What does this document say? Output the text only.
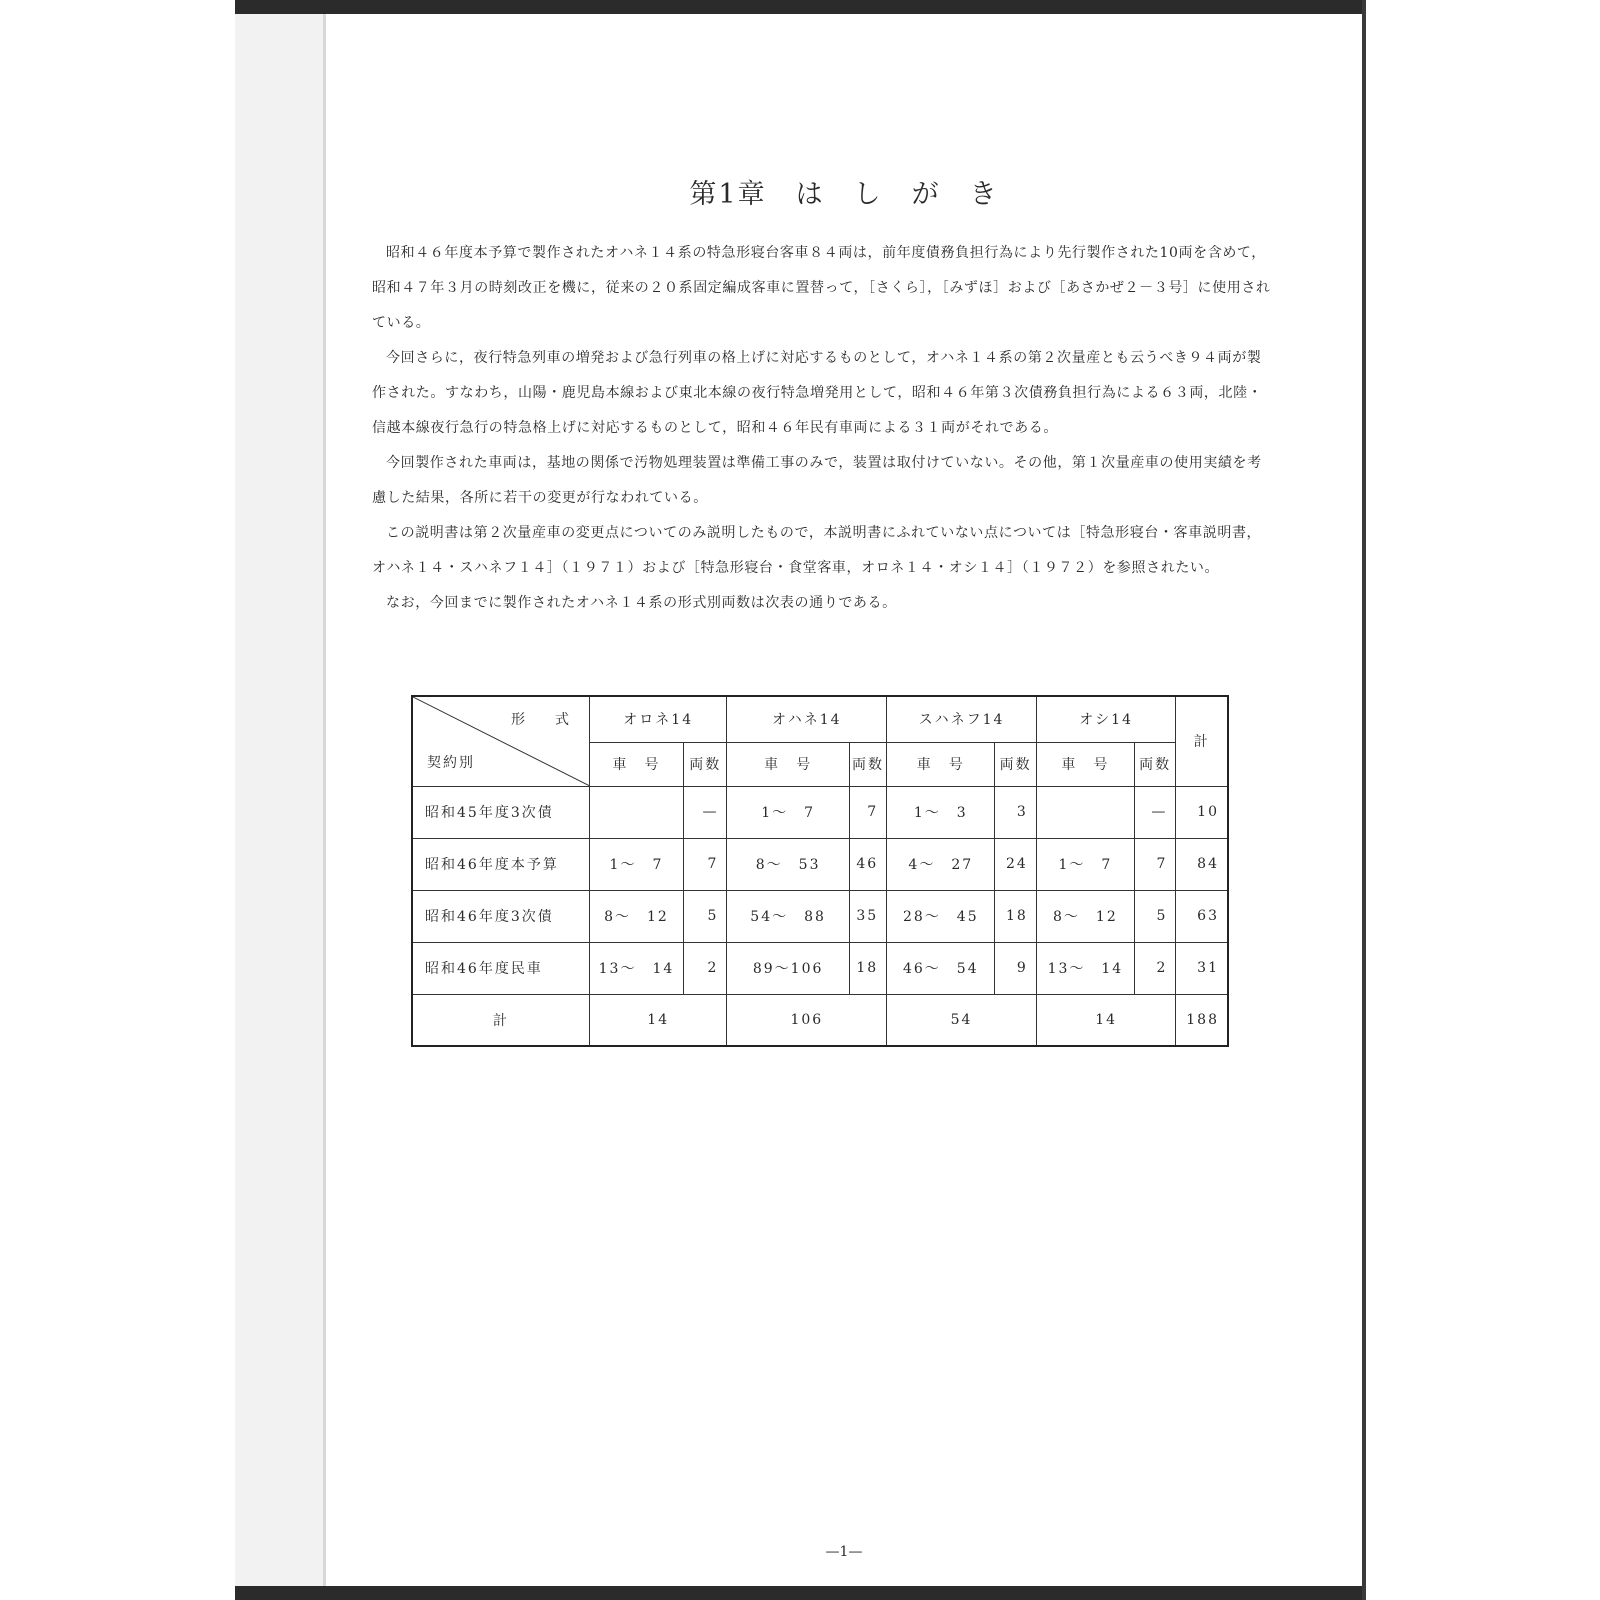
第1章　は　し　が　き

昭和４６年度本予算で製作されたオハネ１４系の特急形寝台客車８４両は，前年度債務負担行為により先行製作された10両を含めて，昭和４７年３月の時刻改正を機に，従来の２０系固定編成客車に置替って，［さくら］，［みずほ］および［あさかぜ２－３号］に使用されている。

今回さらに，夜行特急列車の増発および急行列車の格上げに対応するものとして，オハネ１４系の第２次量産とも云うべき９４両が製作された。すなわち，山陽・鹿児島本線および東北本線の夜行特急増発用として，昭和４６年第３次債務負担行為による６３両，北陸・信越本線夜行急行の特急格上げに対応するものとして，昭和４６年民有車両による３１両がそれである。

今回製作された車両は，基地の関係で汚物処理装置は準備工事のみで，装置は取付けていない。その他，第１次量産車の使用実績を考慮した結果，各所に若干の変更が行なわれている。

この説明書は第２次量産車の変更点についてのみ説明したもので，本説明書にふれていない点については［特急形寝台・客車説明書，オハネ１４・スハネフ１４］（１９７１）および［特急形寝台・食堂客車，オロネ１４・オシ１４］（１９７２）を参照されたい。

なお，今回までに製作されたオハネ１４系の形式別両数は次表の通りである。

形　式
契約別	オロネ14		オハネ14		スハネフ14		オシ14		計
	車　号	両数	車　号	両数	車　号	両数	車　号	両数	
昭和45年度3次債		—	1〜　7	7	1〜　3	3		—	10
昭和46年度本予算	1〜　7	7	8〜　53	46	4〜　27	24	1〜　7	7	84
昭和46年度3次債	8〜　12	5	54〜　88	35	28〜　45	18	8〜　12	5	63
昭和46年度民車	13〜　14	2	89〜106	18	46〜　54	9	13〜　14	2	31
計	14		106		54		14		188
—1—
